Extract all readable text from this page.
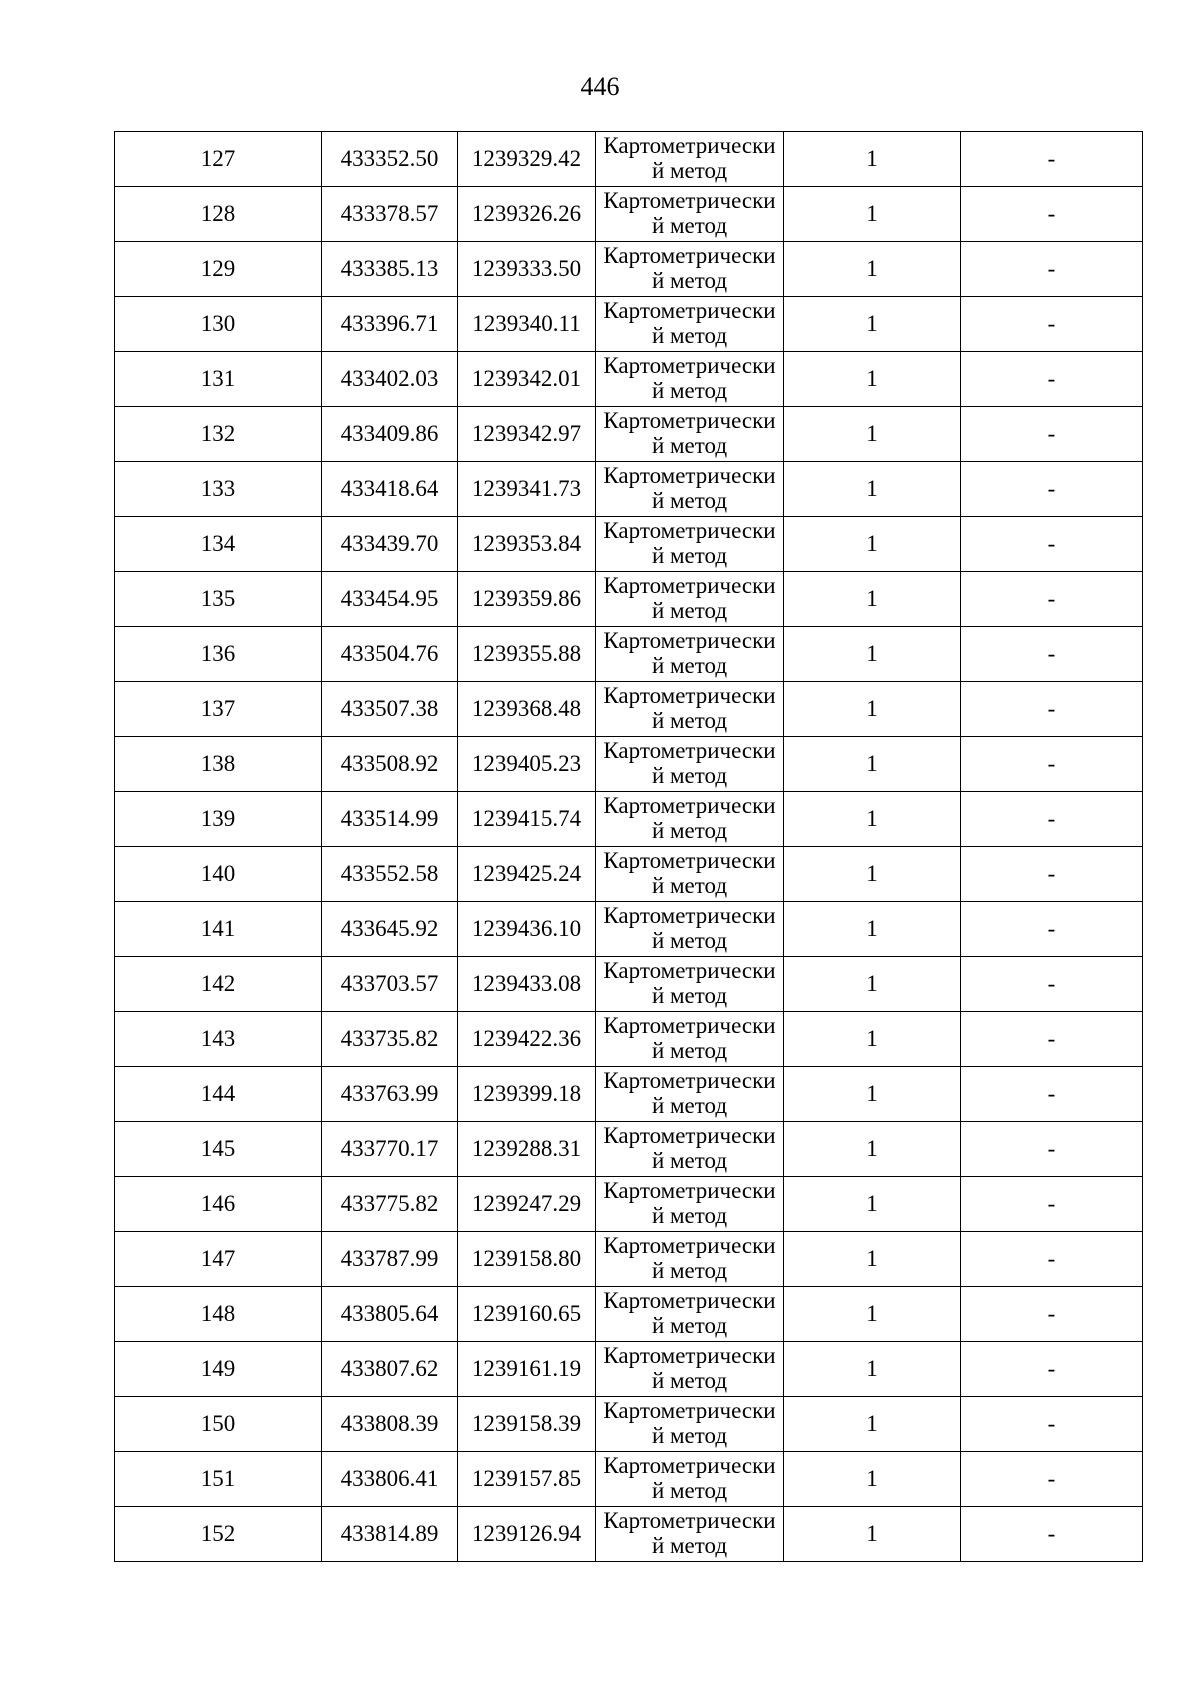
446
127	433352.50	1239329.42	Картометрический метод	1	-
128	433378.57	1239326.26	Картометрический метод	1	-
129	433385.13	1239333.50	Картометрический метод	1	-
130	433396.71	1239340.11	Картометрический метод	1	-
131	433402.03	1239342.01	Картометрический метод	1	-
132	433409.86	1239342.97	Картометрический метод	1	-
133	433418.64	1239341.73	Картометрический метод	1	-
134	433439.70	1239353.84	Картометрический метод	1	-
135	433454.95	1239359.86	Картометрический метод	1	-
136	433504.76	1239355.88	Картометрический метод	1	-
137	433507.38	1239368.48	Картометрический метод	1	-
138	433508.92	1239405.23	Картометрический метод	1	-
139	433514.99	1239415.74	Картометрический метод	1	-
140	433552.58	1239425.24	Картометрический метод	1	-
141	433645.92	1239436.10	Картометрический метод	1	-
142	433703.57	1239433.08	Картометрический метод	1	-
143	433735.82	1239422.36	Картометрический метод	1	-
144	433763.99	1239399.18	Картометрический метод	1	-
145	433770.17	1239288.31	Картометрический метод	1	-
146	433775.82	1239247.29	Картометрический метод	1	-
147	433787.99	1239158.80	Картометрический метод	1	-
148	433805.64	1239160.65	Картометрический метод	1	-
149	433807.62	1239161.19	Картометрический метод	1	-
150	433808.39	1239158.39	Картометрический метод	1	-
151	433806.41	1239157.85	Картометрический метод	1	-
152	433814.89	1239126.94	Картометрический метод	1	-
